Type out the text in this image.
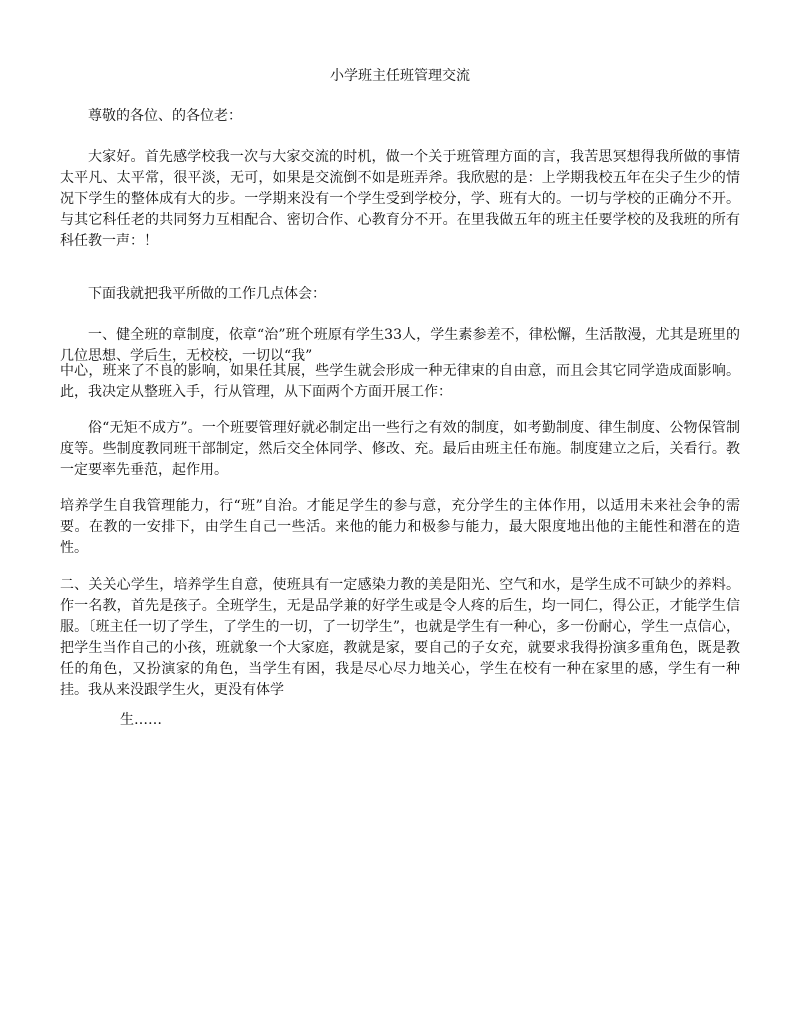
小学班主任班管理交流

尊敬的各位、的各位老：

大家好。首先感学校我一次与大家交流的时机，做一个关于班管理方面的言，我苦思冥想得我所做的事情太平凡、太平常，很平淡，无可，如果是交流倒不如是班弄斧。我欣慰的是：上学期我校五年在尖子生少的情况下学生的整体成有大的步。一学期来没有一个学生受到学校分，学、班有大的。一切与学校的正确分不开。与其它科任老的共同努力互相配合、密切合作、心教育分不开。在里我做五年的班主任要学校的及我班的所有科任教一声：！

下面我就把我平所做的工作几点体会：

一、健全班的章制度，依章“治”班个班原有学生33人，学生素参差不，律松懈，生活散漫，尤其是班里的几位思想、学后生，无校校，一切以“我”

中心，班来了不良的影响，如果任其展，些学生就会形成一种无律束的自由意，而且会其它同学造成面影响。此，我决定从整班入手，行从管理，从下面两个方面开展工作：

俗“无矩不成方”。一个班要管理好就必制定出一些行之有效的制度，如考勤制度、律生制度、公物保管制度等。些制度教同班干部制定，然后交全体同学、修改、充。最后由班主任布施。制度建立之后，关看行。教一定要率先垂范，起作用。

培养学生自我管理能力，行“班”自治。才能足学生的参与意，充分学生的主体作用，以适用未来社会争的需要。在教的一安排下，由学生自己一些活。来他的能力和极参与能力，最大限度地出他的主能性和潜在的造性。

二、关关心学生，培养学生自意，使班具有一定感染力教的美是阳光、空气和水，是学生成不可缺少的养料。作一名教，首先是孩子。全班学生，无是品学兼的好学生或是令人疼的后生，均一同仁，得公正，才能学生信服。〔班主任一切了学生，了学生的一切，了一切学生”，也就是学生有一种心，多一份耐心，学生一点信心，把学生当作自己的小孩，班就象一个大家庭，教就是家，要自己的子女充，就要求我得扮演多重角色，既是教任的角色，又扮演家的角色，当学生有困，我是尽心尽力地关心，学生在校有一种在家里的感，学生有一种挂。我从来没跟学生火，更没有体学

生……
